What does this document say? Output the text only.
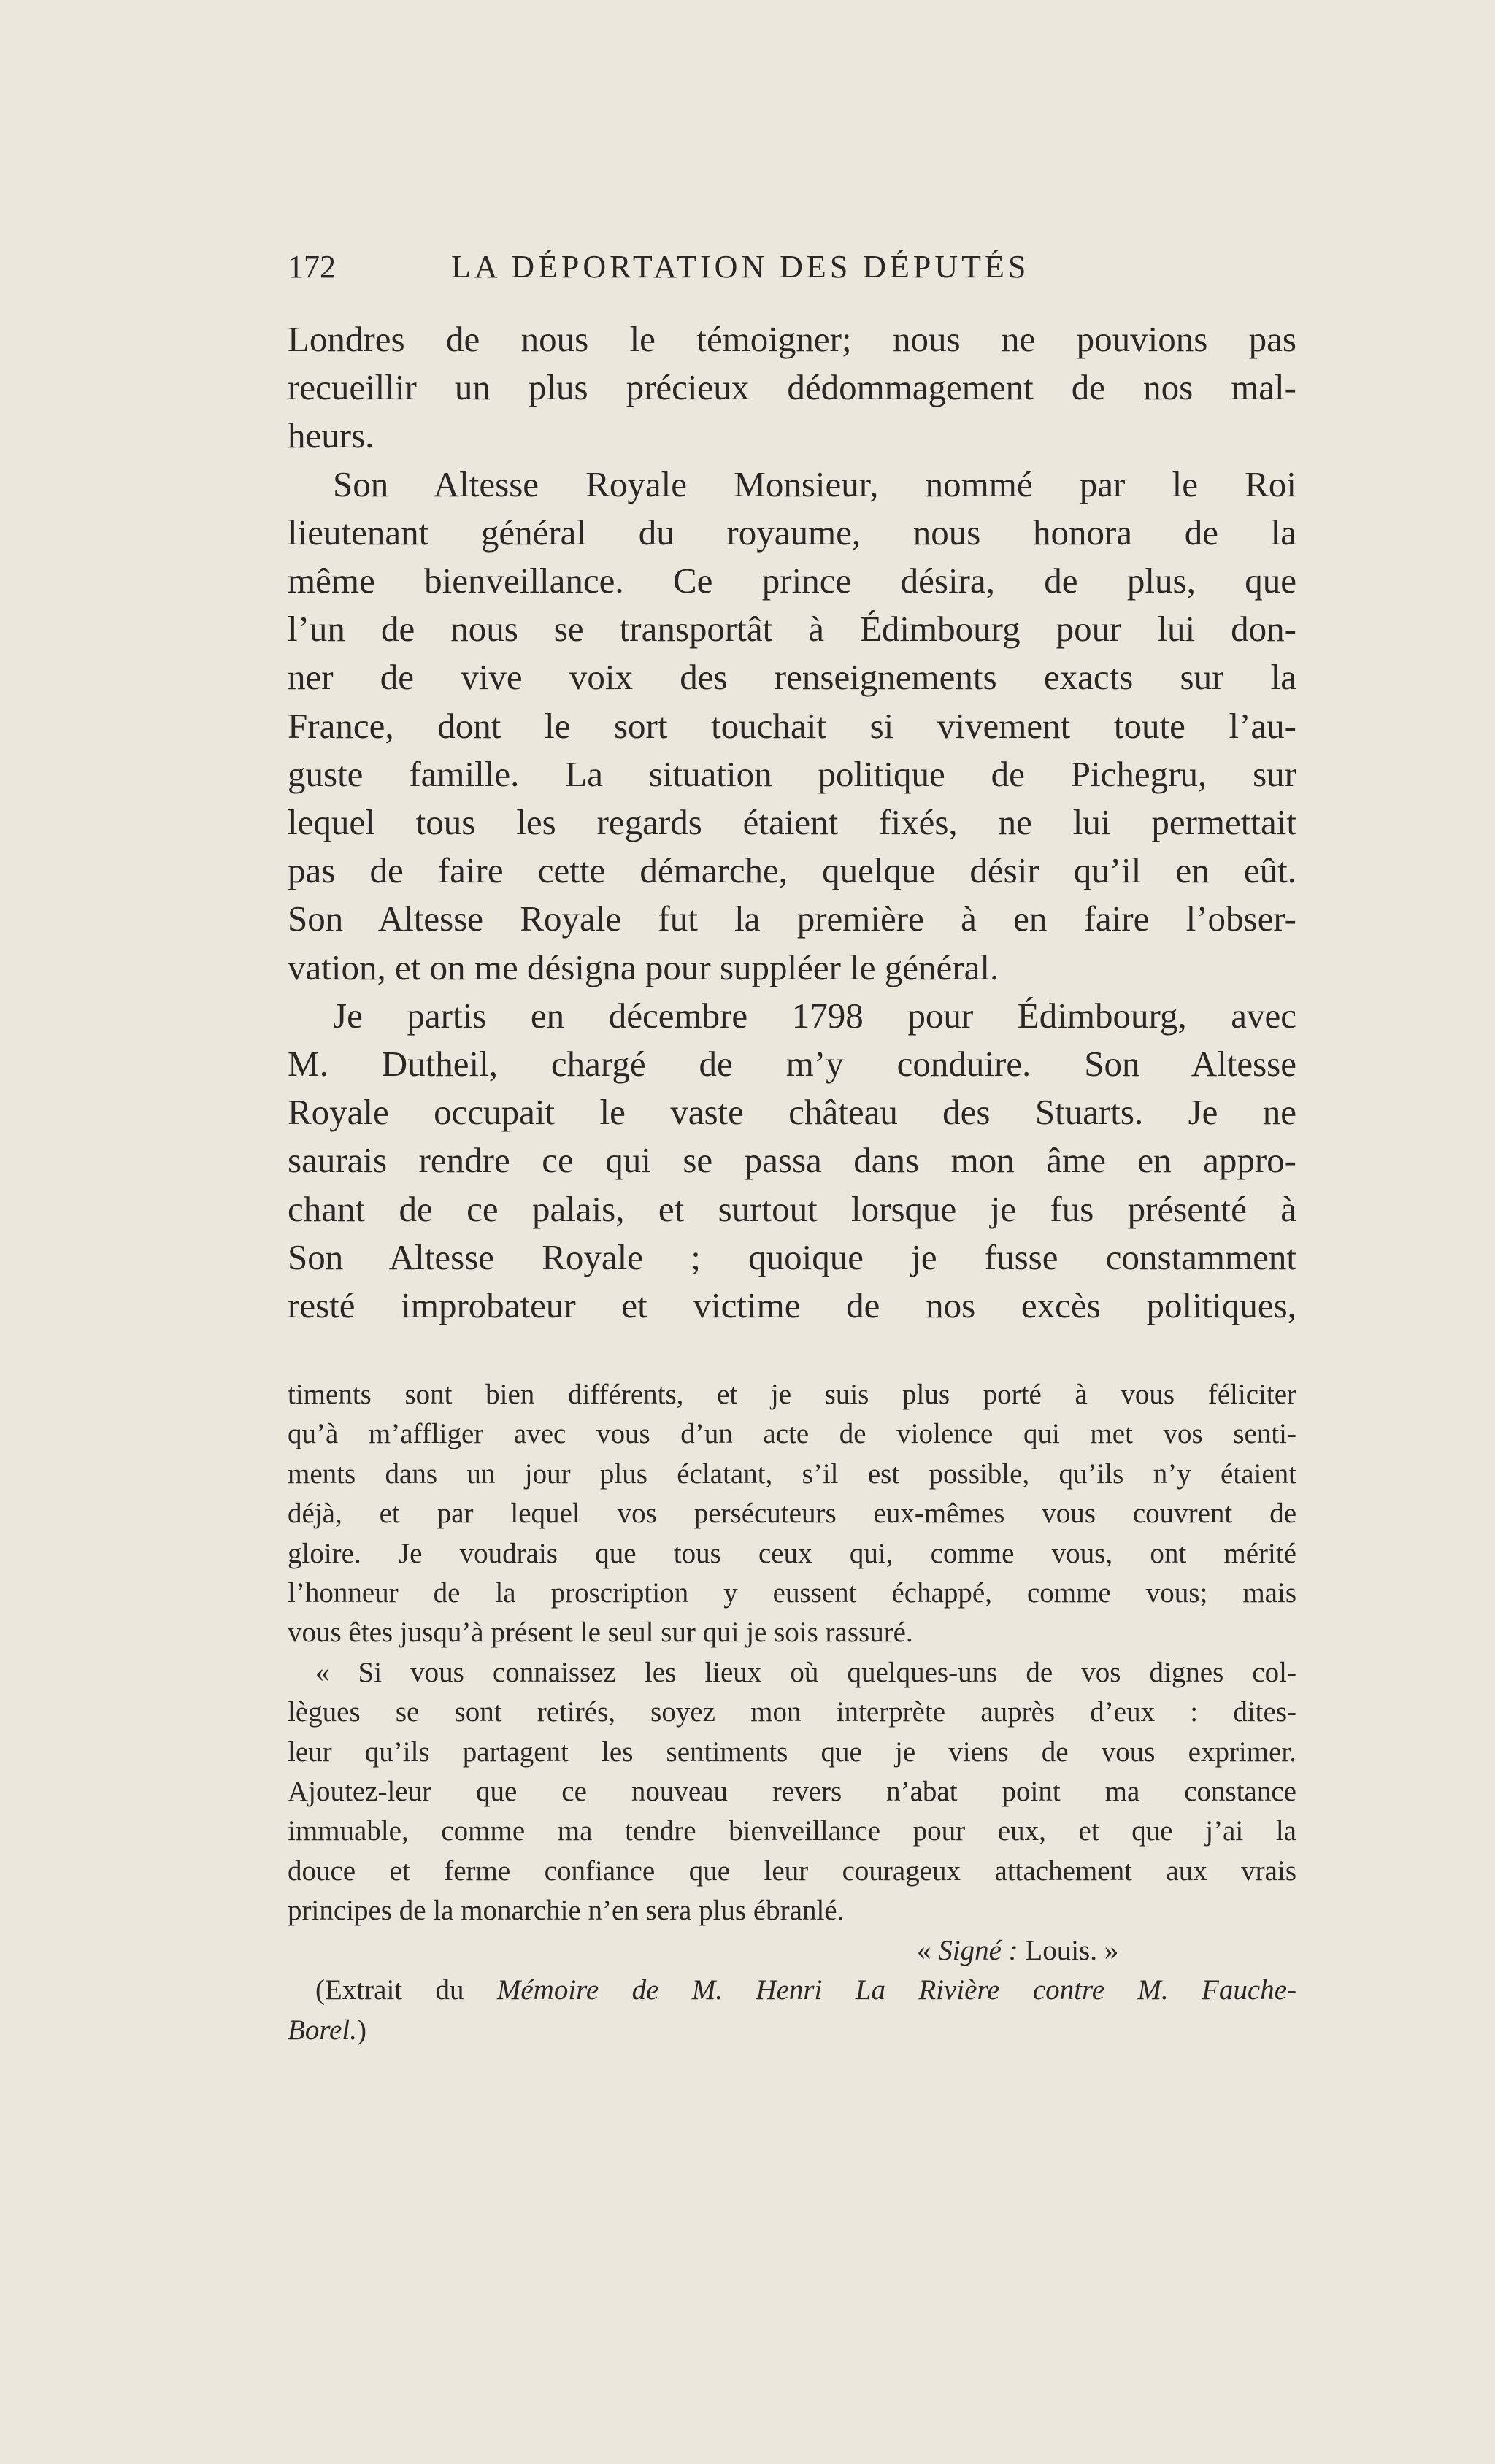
172	LA DÉPORTATION DES DÉPUTÉS
Londres de nous le témoigner; nous ne pouvions pas
recueillir un plus précieux dédommagement de nos mal-
heurs.
Son Altesse Royale Monsieur, nommé par le Roi
lieutenant général du royaume, nous honora de la
même bienveillance. Ce prince désira, de plus, que
l’un de nous se transportât à Édimbourg pour lui don-
ner de vive voix des renseignements exacts sur la
France, dont le sort touchait si vivement toute l’au-
guste famille. La situation politique de Pichegru, sur
lequel tous les regards étaient fixés, ne lui permettait
pas de faire cette démarche, quelque désir qu’il en eût.
Son Altesse Royale fut la première à en faire l’obser-
vation, et on me désigna pour suppléer le général.
Je partis en décembre 1798 pour Édimbourg, avec
M. Dutheil, chargé de m’y conduire. Son Altesse
Royale occupait le vaste château des Stuarts. Je ne
saurais rendre ce qui se passa dans mon âme en appro-
chant de ce palais, et surtout lorsque je fus présenté à
Son Altesse Royale ; quoique je fusse constamment
resté improbateur et victime de nos excès politiques,
timents sont bien différents, et je suis plus porté à vous féliciter
qu’à m’affliger avec vous d’un acte de violence qui met vos senti-
ments dans un jour plus éclatant, s’il est possible, qu’ils n’y étaient
déjà, et par lequel vos persécuteurs eux-mêmes vous couvrent de
gloire. Je voudrais que tous ceux qui, comme vous, ont mérité
l’honneur de la proscription y eussent échappé, comme vous; mais
vous êtes jusqu’à présent le seul sur qui je sois rassuré.
« Si vous connaissez les lieux où quelques-uns de vos dignes col-
lègues se sont retirés, soyez mon interprète auprès d’eux : dites-
leur qu’ils partagent les sentiments que je viens de vous exprimer.
Ajoutez-leur que ce nouveau revers n’abat point ma constance
immuable, comme ma tendre bienveillance pour eux, et que j’ai la
douce et ferme confiance que leur courageux attachement aux vrais
principes de la monarchie n’en sera plus ébranlé.
« Signé : Louis. »
(Extrait du Mémoire de M. Henri La Rivière contre M. Fauche-
Borel.)
